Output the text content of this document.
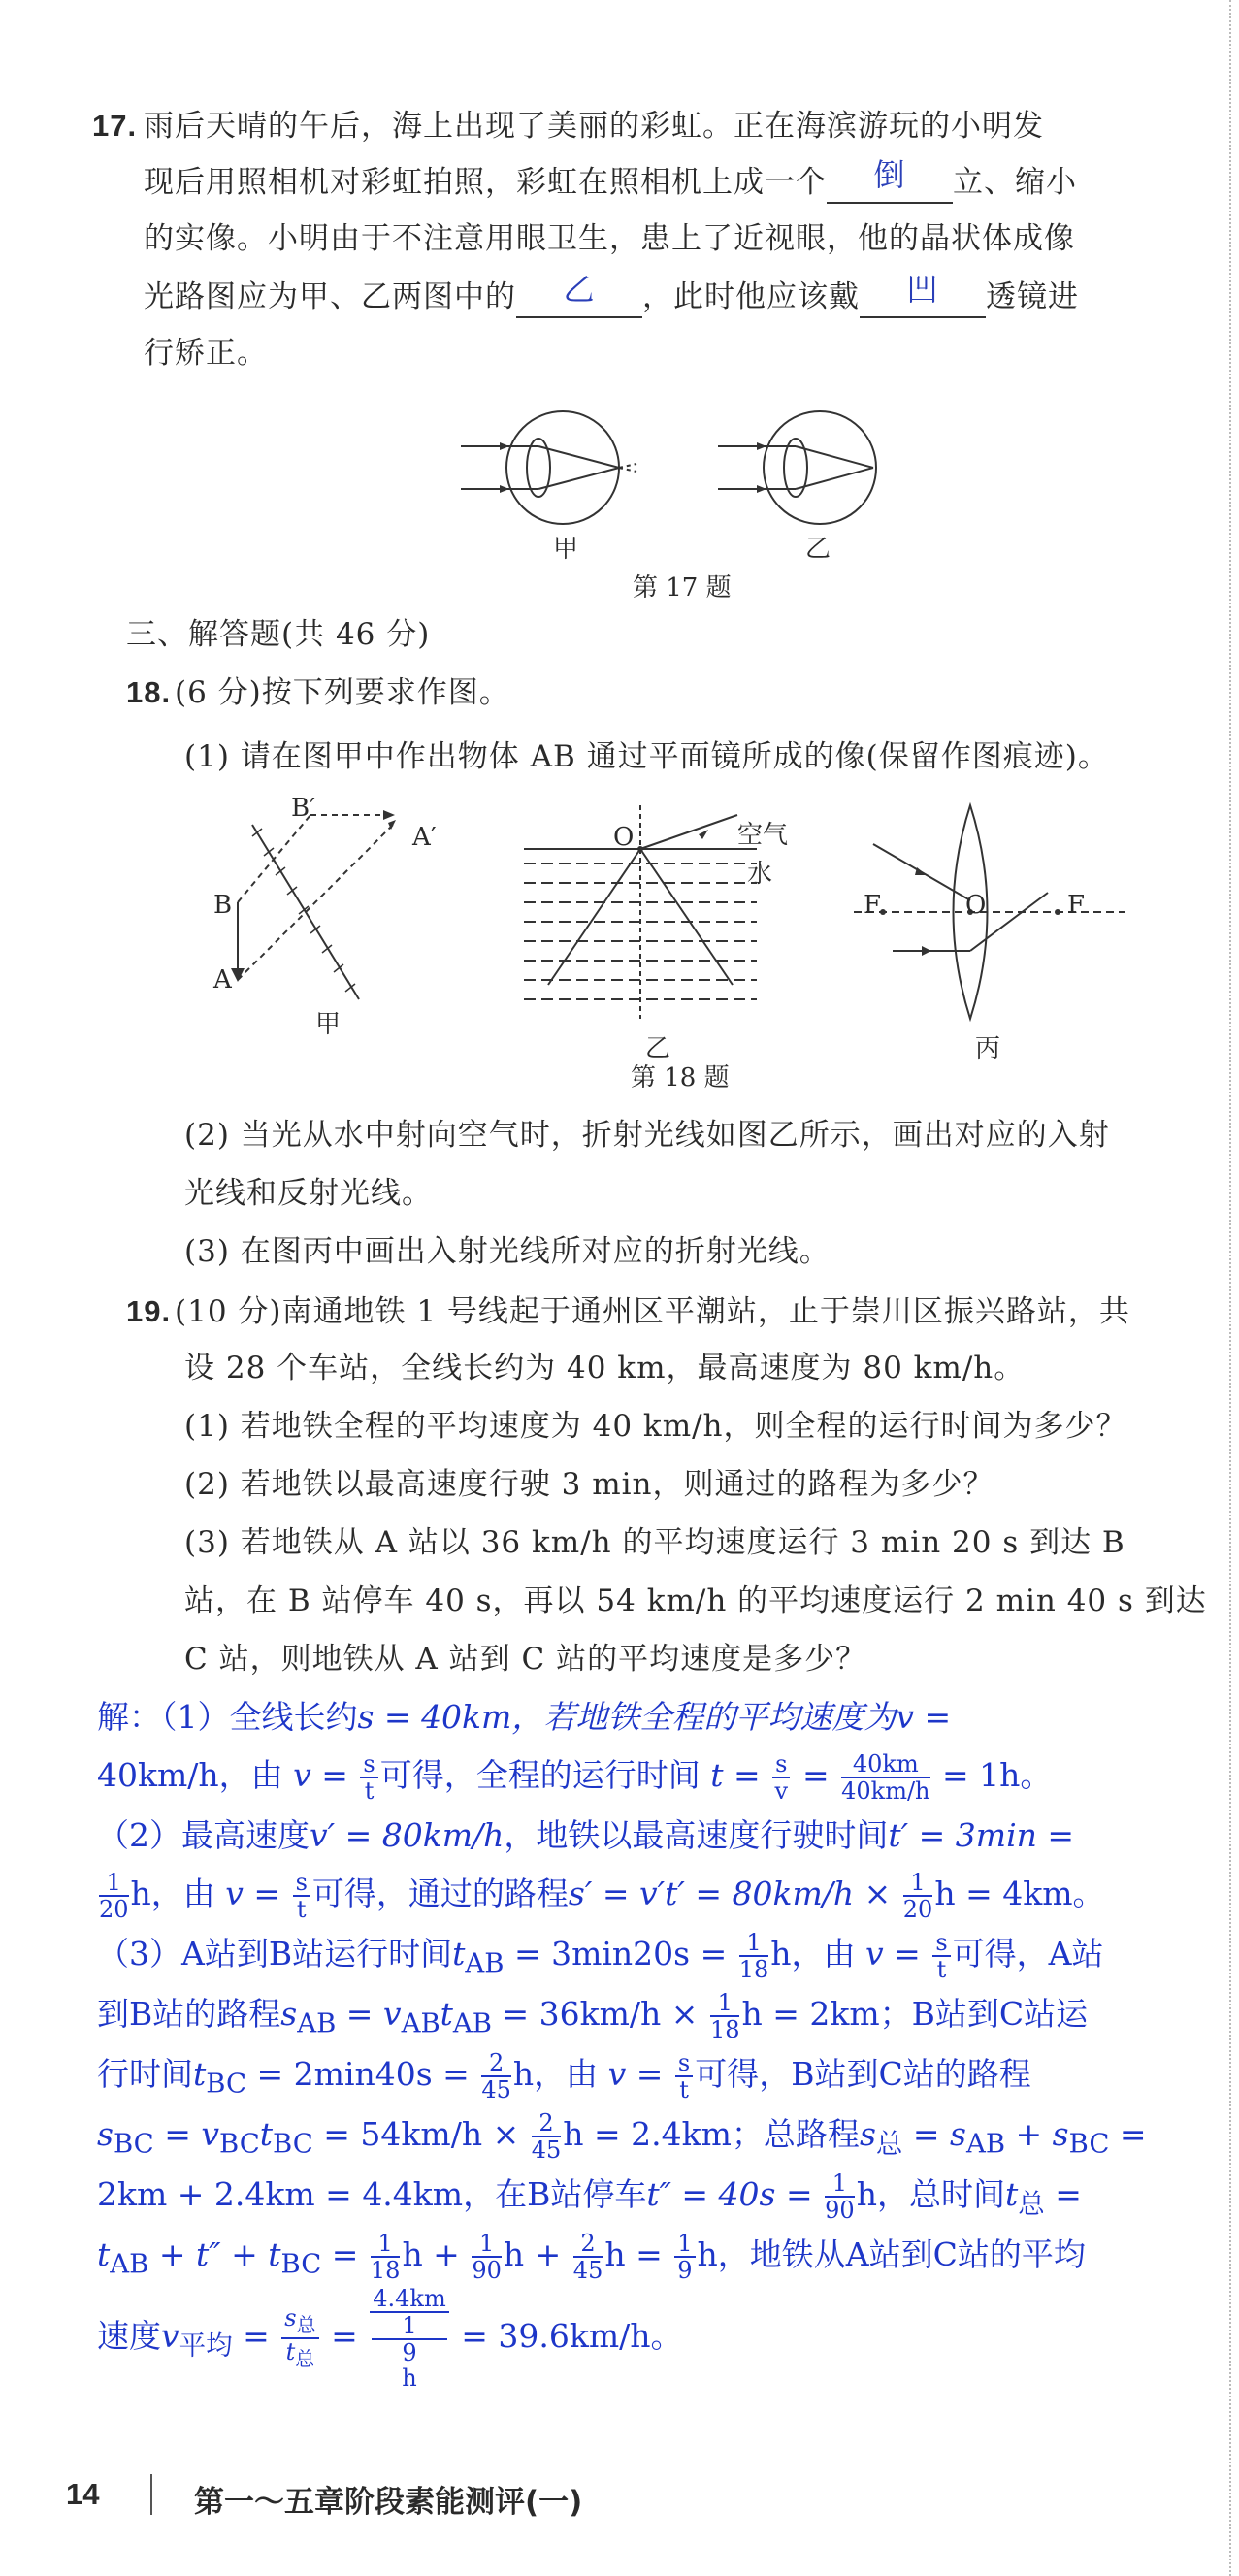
17. 雨后天晴的午后，海上出现了美丽的彩虹。正在海滨游玩的小明发
现后用照相机对彩虹拍照，彩虹在照相机上成一个 倒 立、缩小
的实像。小明由于不注意用眼卫生，患上了近视眼，他的晶状体成像
光路图应为甲、乙两图中的 乙 ，此时他应该戴 凹 透镜进
行矫正。
甲	乙
第 17 题
三、解答题(共 46 分)
18. (6 分)按下列要求作图。
(1) 请在图甲中作出物体 AB 通过平面镜所成的像(保留作图痕迹)。
B′
A′
B
A
O	空气
水
F	O	F
甲
乙	丙
第 18 题
(2) 当光从水中射向空气时，折射光线如图乙所示，画出对应的入射
光线和反射光线。
(3) 在图丙中画出入射光线所对应的折射光线。
19. (10 分)南通地铁 1 号线起于通州区平潮站，止于崇川区振兴路站，共
设 28 个车站，全线长约为 40 km，最高速度为 80 km/h。
(1) 若地铁全程的平均速度为 40 km/h，则全程的运行时间为多少？
(2) 若地铁以最高速度行驶 3 min，则通过的路程为多少？
(3) 若地铁从 A 站以 36 km/h 的平均速度运行 3 min 20 s 到达 B
站，在 B 站停车 40 s，再以 54 km/h 的平均速度运行 2 min 40 s 到达
C 站，则地铁从 A 站到 C 站的平均速度是多少？
解：（1）全线长约s = 40km，若地铁全程的平均速度为v =
40km/h，由 $v = \frac{s}{t}$ 可得，全程的运行时间 $t = \frac{s}{v} = \frac{40km}{40km/h} = 1h$。
（2）最高速度v′ = 80km/h，地铁以最高速度行驶时间t′ = 3min =
$\frac{1}{20}$ h，由 $v = \frac{s}{t}$ 可得，通过的路程$s' = v't' = 80km/h \times \frac{1}{20}$ h = 4km。
（3）A站到B站运行时间$t_{AB} = 3\min 20s = \frac{1}{18}$ h，由 $v = \frac{s}{t}$ 可得，A站
到B站的路程$s_{AB} = v_{AB}t_{AB} = 36km/h \times \frac{1}{18}$ h = 2km；B站到C站运
行时间$t_{BC} = 2\min 40s = \frac{2}{45}$ h，由 $v = \frac{s}{t}$ 可得，B站到C站的路程
$s_{BC} = v_{BC}t_{BC} = 54km/h \times \frac{2}{45}$ h = 2.4km；总路程$s_总 = s_{AB} + s_{BC}$ =
2km + 2.4km = 4.4km，在B站停车$t'' = 40s = \frac{1}{90}$ h，总时间$t_总$ =
$t_{AB} + t'' + t_{BC} = \frac{1}{18}$ $h + \frac{1}{90}$ $h + \frac{2}{45}$ $h = \frac{1}{9}$ h，地铁从A站到C站的平均
速度$v_{平均} = s_总$
$t_总$
= 4.4km
1
9
h = 39.6km/h。
14	第一～五章阶段素能测评(一)
